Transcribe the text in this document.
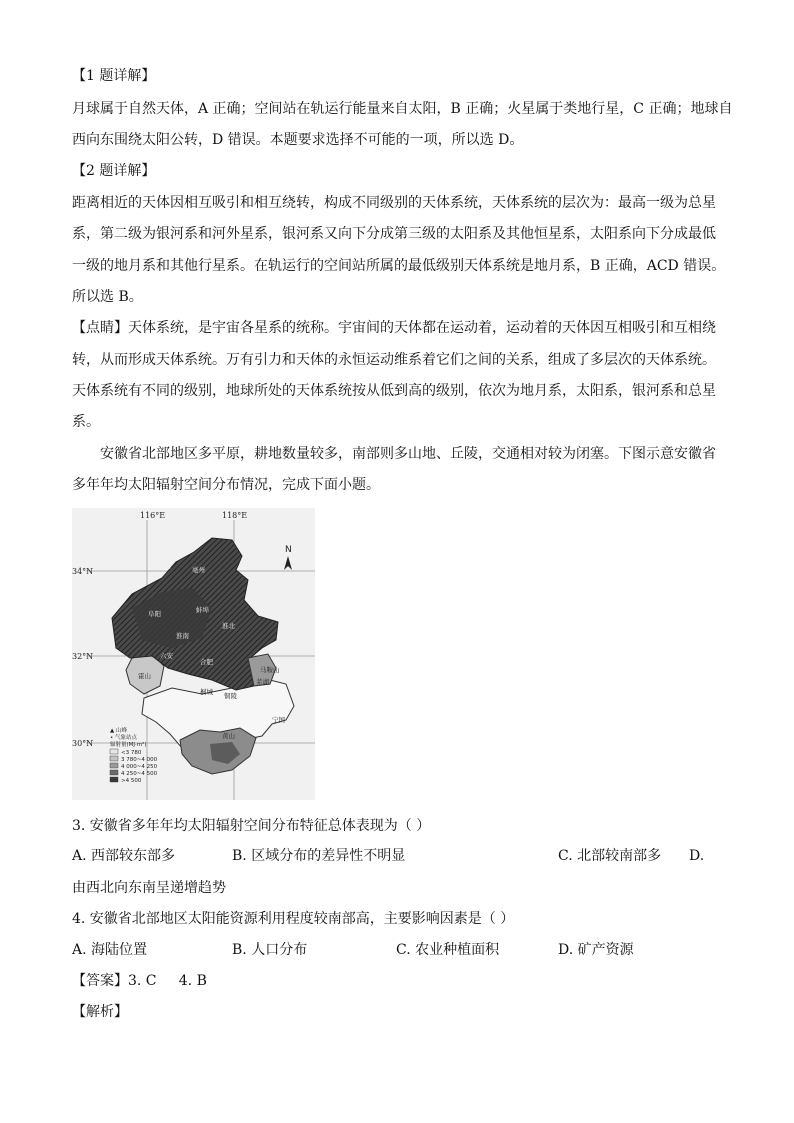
【1 题详解】
月球属于自然天体，A 正确；空间站在轨运行能量来自太阳，B 正确；火星属于类地行星，C 正确；地球自
西向东围绕太阳公转，D 错误。本题要求选择不可能的一项，所以选 D。
【2 题详解】
距离相近的天体因相互吸引和相互绕转，构成不同级别的天体系统，天体系统的层次为：最高一级为总星
系，第二级为银河系和河外星系，银河系又向下分成第三级的太阳系及其他恒星系，太阳系向下分成最低
一级的地月系和其他行星系。在轨运行的空间站所属的最低级别天体系统是地月系，B 正确，ACD 错误。
所以选 B。
【点睛】天体系统，是宇宙各星系的统称。宇宙间的天体都在运动着，运动着的天体因互相吸引和互相绕
转，从而形成天体系统。万有引力和天体的永恒运动维系着它们之间的关系，组成了多层次的天体系统。
天体系统有不同的级别，地球所处的天体系统按从低到高的级别，依次为地月系，太阳系，银河系和总星
系。
安徽省北部地区多平原，耕地数量较多，南部则多山地、丘陵，交通相对较为闭塞。下图示意安徽省
多年年均太阳辐射空间分布情况，完成下面小题。
116°E	118°E
34°N
32°N
30°N
N
宿州	亳州
阜阳	蚌埠
淮南
淮北
合肥
六安
桐城 铜陵
宁国
黄山
马鞍山
芜湖
霍山
▲ 山峰
• 气象站点
辐射量(MJ·m²)
<3 780
3 780~4 000
4 000~4 250
4 250~4 500
>4 500
3. 安徽省多年年均太阳辐射空间分布特征总体表现为（ ）
A. 西部较东部多	B. 区域分布的差异性不明显	C. 北部较南部多 D.
由西北向东南呈递增趋势
4. 安徽省北部地区太阳能资源利用程度较南部高，主要影响因素是（ ）
A. 海陆位置	B. 人口分布	C. 农业种植面积	D. 矿产资源
【答案】3. C     4. B
【解析】
